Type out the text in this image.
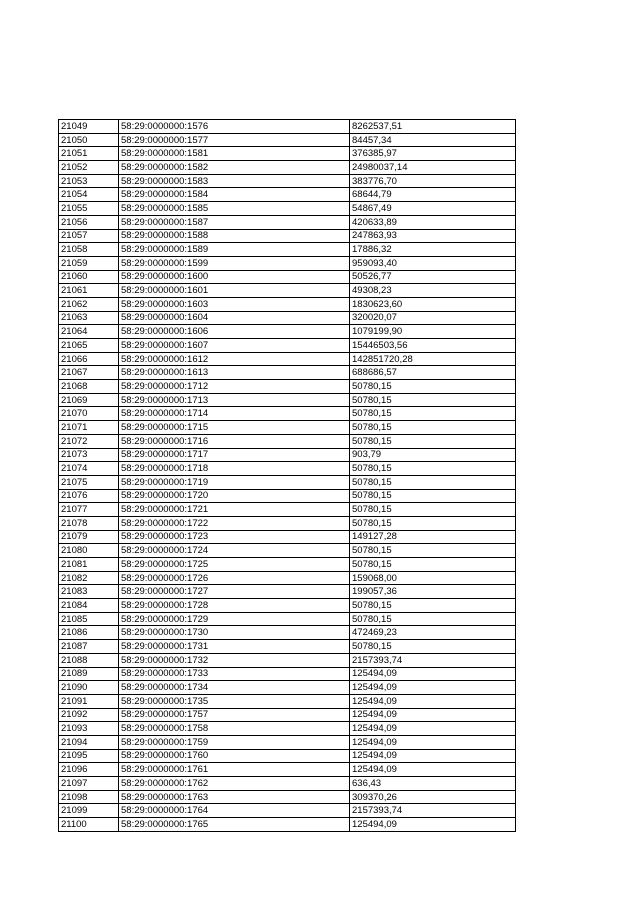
21049	58:29:0000000:1576	8262537,51
21050	58:29:0000000:1577	84457,34
21051	58:29:0000000:1581	376385,97
21052	58:29:0000000:1582	24980037,14
21053	58:29:0000000:1583	383776,70
21054	58:29:0000000:1584	68644,79
21055	58:29:0000000:1585	54867,49
21056	58:29:0000000:1587	420633,89
21057	58:29:0000000:1588	247863,93
21058	58:29:0000000:1589	17886,32
21059	58:29:0000000:1599	959093,40
21060	58:29:0000000:1600	50526,77
21061	58:29:0000000:1601	49308,23
21062	58:29:0000000:1603	1830623,60
21063	58:29:0000000:1604	320020,07
21064	58:29:0000000:1606	1079199,90
21065	58:29:0000000:1607	15446503,56
21066	58:29:0000000:1612	142851720,28
21067	58:29:0000000:1613	688686,57
21068	58:29:0000000:1712	50780,15
21069	58:29:0000000:1713	50780,15
21070	58:29:0000000:1714	50780,15
21071	58:29:0000000:1715	50780,15
21072	58:29:0000000:1716	50780,15
21073	58:29:0000000:1717	903,79
21074	58:29:0000000:1718	50780,15
21075	58:29:0000000:1719	50780,15
21076	58:29:0000000:1720	50780,15
21077	58:29:0000000:1721	50780,15
21078	58:29:0000000:1722	50780,15
21079	58:29:0000000:1723	149127,28
21080	58:29:0000000:1724	50780,15
21081	58:29:0000000:1725	50780,15
21082	58:29:0000000:1726	159068,00
21083	58:29:0000000:1727	199057,36
21084	58:29:0000000:1728	50780,15
21085	58:29:0000000:1729	50780,15
21086	58:29:0000000:1730	472469,23
21087	58:29:0000000:1731	50780,15
21088	58:29:0000000:1732	2157393,74
21089	58:29:0000000:1733	125494,09
21090	58:29:0000000:1734	125494,09
21091	58:29:0000000:1735	125494,09
21092	58:29:0000000:1757	125494,09
21093	58:29:0000000:1758	125494,09
21094	58:29:0000000:1759	125494,09
21095	58:29:0000000:1760	125494,09
21096	58:29:0000000:1761	125494,09
21097	58:29:0000000:1762	636,43
21098	58:29:0000000:1763	309370,26
21099	58:29:0000000:1764	2157393,74
21100	58:29:0000000:1765	125494,09
